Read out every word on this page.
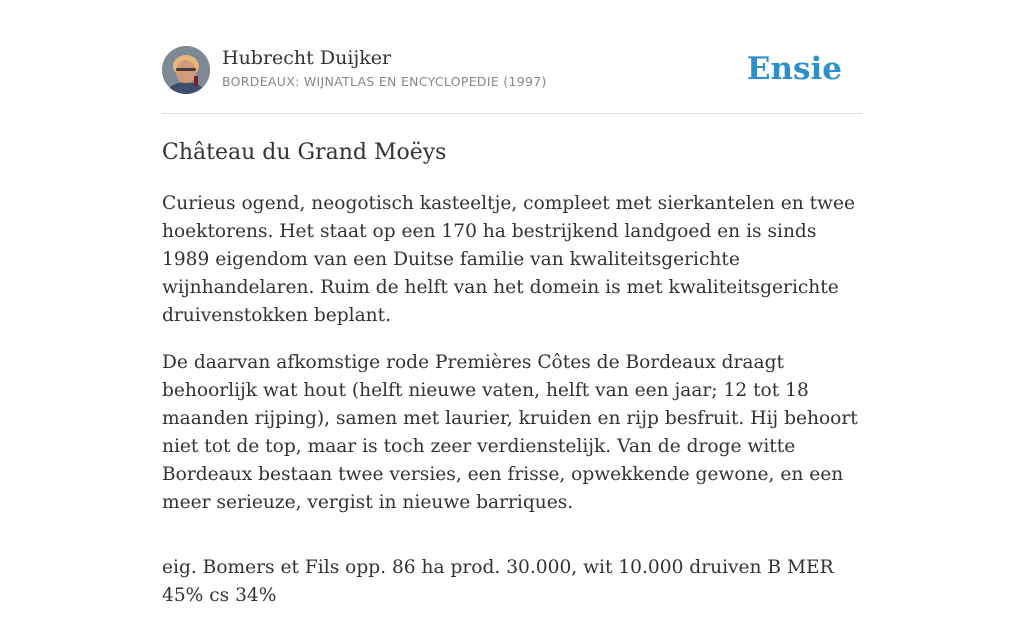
Hubrecht Duijker
BORDEAUX: WIJNATLAS EN ENCYCLOPEDIE (1997)	Ensie
Château du Grand Moëys

Curieus ogend, neogotisch kasteeltje, compleet met sierkantelen en twee hoektorens. Het staat op een 170 ha bestrijkend landgoed en is sinds 1989 eigendom van een Duitse familie van kwaliteitsgerichte wijnhandelaren. Ruim de helft van het domein is met kwaliteitsgerichte druivenstokken beplant.

De daarvan afkomstige rode Premières Côtes de Bordeaux draagt behoorlijk wat hout (helft nieuwe vaten, helft van een jaar; 12 tot 18 maanden rijping), samen met laurier, kruiden en rijp besfruit. Hij behoort niet tot de top, maar is toch zeer verdienstelijk. Van de droge witte Bordeaux bestaan twee versies, een frisse, opwekkende gewone, en een meer serieuze, vergist in nieuwe barriques.

eig. Bomers et Fils opp. 86 ha prod. 30.000, wit 10.000 druiven B MER 45% cs 34%
